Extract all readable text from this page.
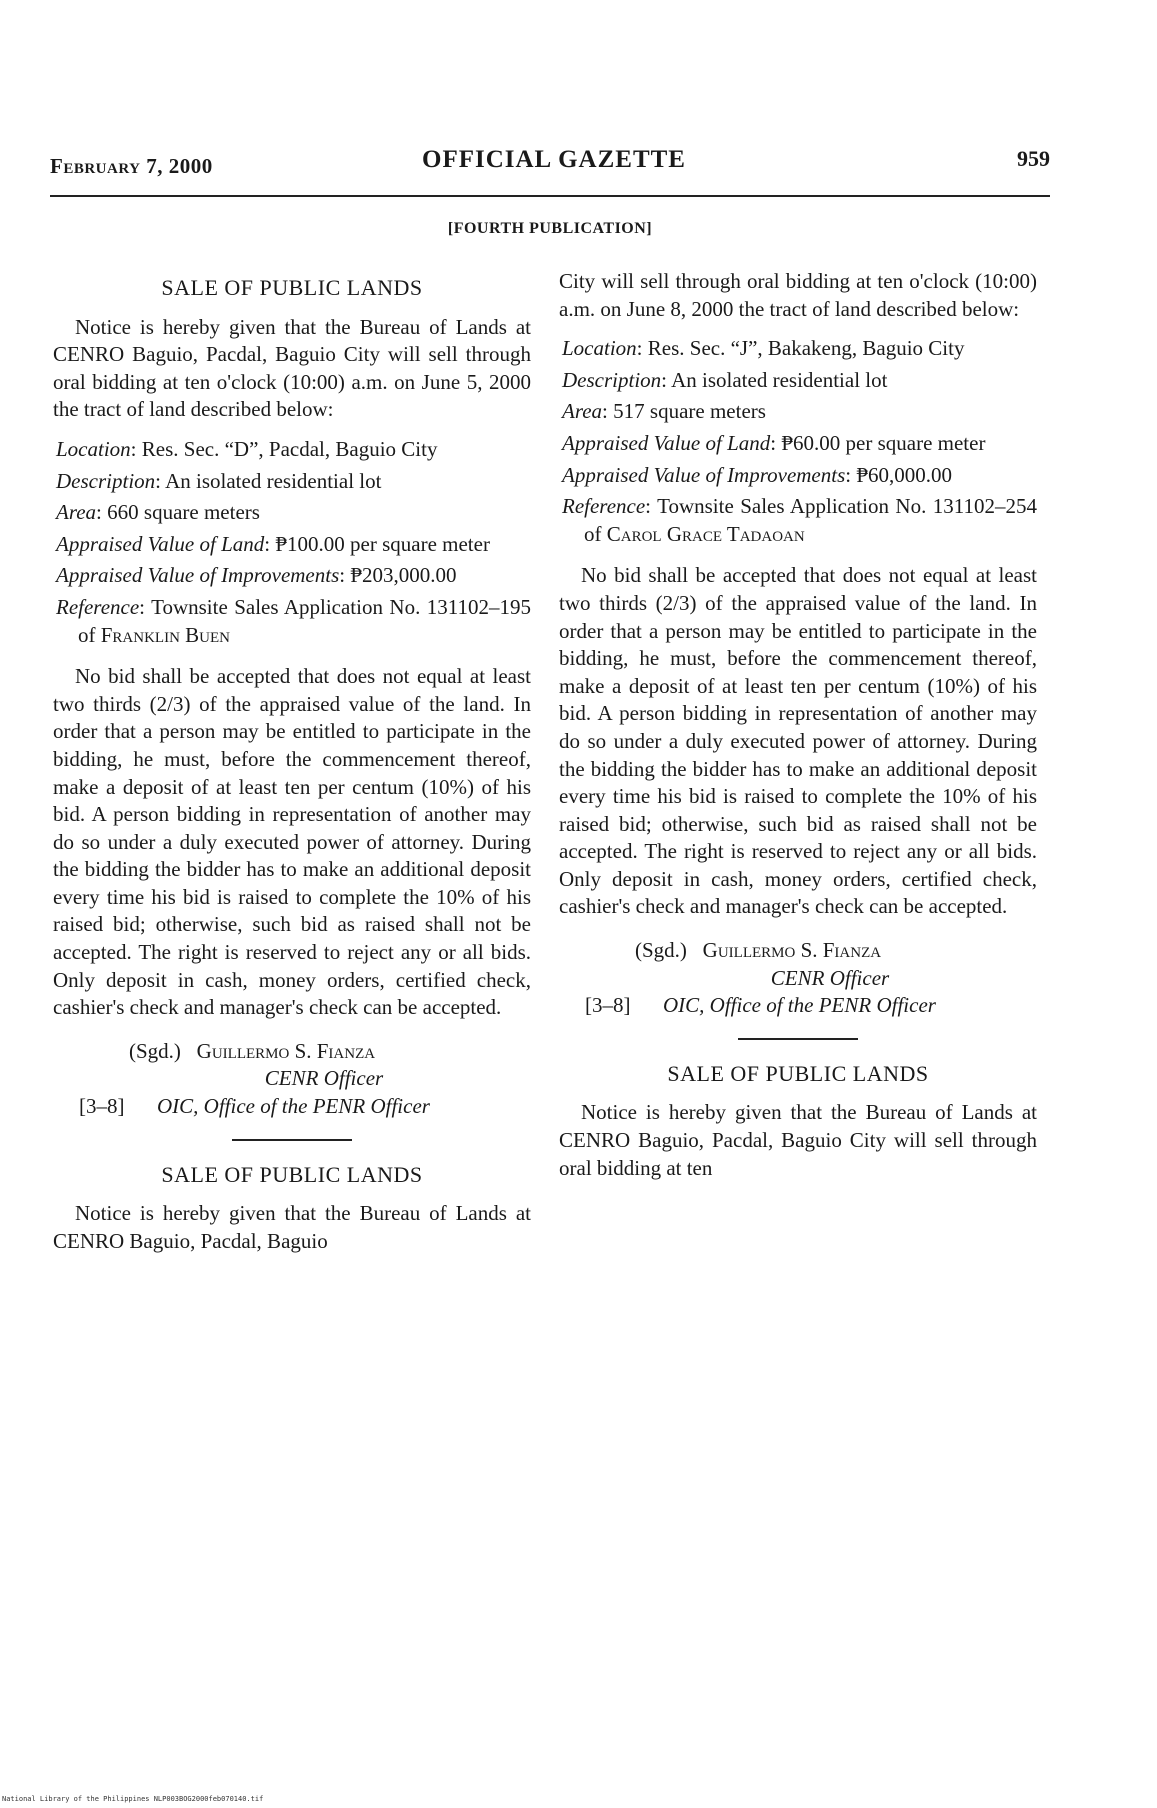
February 7, 2000	OFFICIAL GAZETTE	959
[FOURTH PUBLICATION]
SALE OF PUBLIC LANDS

Notice is hereby given that the Bureau of Lands at CENRO Baguio, Pacdal, Baguio City will sell through oral bidding at ten o'clock (10:00) a.m. on June 5, 2000 the tract of land described below:

Location: Res. Sec. “D”, Pacdal, Baguio City
Description: An isolated residential lot
Area: 660 square meters
Appraised Value of Land: ₱100.00 per square meter
Appraised Value of Improvements: ₱203,000.00
Reference: Townsite Sales Application No. 131102–195 of Franklin Buen

No bid shall be accepted that does not equal at least two thirds (2/3) of the appraised value of the land. In order that a person may be entitled to participate in the bidding, he must, before the commencement thereof, make a deposit of at least ten per centum (10%) of his bid. A person bidding in representation of another may do so under a duly executed power of attorney. During the bidding the bidder has to make an additional deposit every time his bid is raised to complete the 10% of his raised bid; otherwise, such bid as raised shall not be accepted. The right is reserved to reject any or all bids. Only deposit in cash, money orders, certified check, cashier's check and manager's check can be accepted.

(Sgd.) Guillermo S. Fianza
CENR Officer
[3–8]	OIC, Office of the PENR Officer
SALE OF PUBLIC LANDS

Notice is hereby given that the Bureau of Lands at CENRO Baguio, Pacdal, Baguio

City will sell through oral bidding at ten o'clock (10:00) a.m. on June 8, 2000 the tract of land described below:

Location: Res. Sec. “J”, Bakakeng, Baguio City
Description: An isolated residential lot
Area: 517 square meters
Appraised Value of Land: ₱60.00 per square meter
Appraised Value of Improvements: ₱60,000.00
Reference: Townsite Sales Application No. 131102–254 of Carol Grace Tadaoan

No bid shall be accepted that does not equal at least two thirds (2/3) of the appraised value of the land. In order that a person may be entitled to participate in the bidding, he must, before the commencement thereof, make a deposit of at least ten per centum (10%) of his bid. A person bidding in representation of another may do so under a duly executed power of attorney. During the bidding the bidder has to make an additional deposit every time his bid is raised to complete the 10% of his raised bid; otherwise, such bid as raised shall not be accepted. The right is reserved to reject any or all bids. Only deposit in cash, money orders, certified check, cashier's check and manager's check can be accepted.

(Sgd.) Guillermo S. Fianza
CENR Officer
[3–8]	OIC, Office of the PENR Officer
SALE OF PUBLIC LANDS

Notice is hereby given that the Bureau of Lands at CENRO Baguio, Pacdal, Baguio City will sell through oral bidding at ten

National Library of the Philippines NLP003BOG2000feb070140.tif
